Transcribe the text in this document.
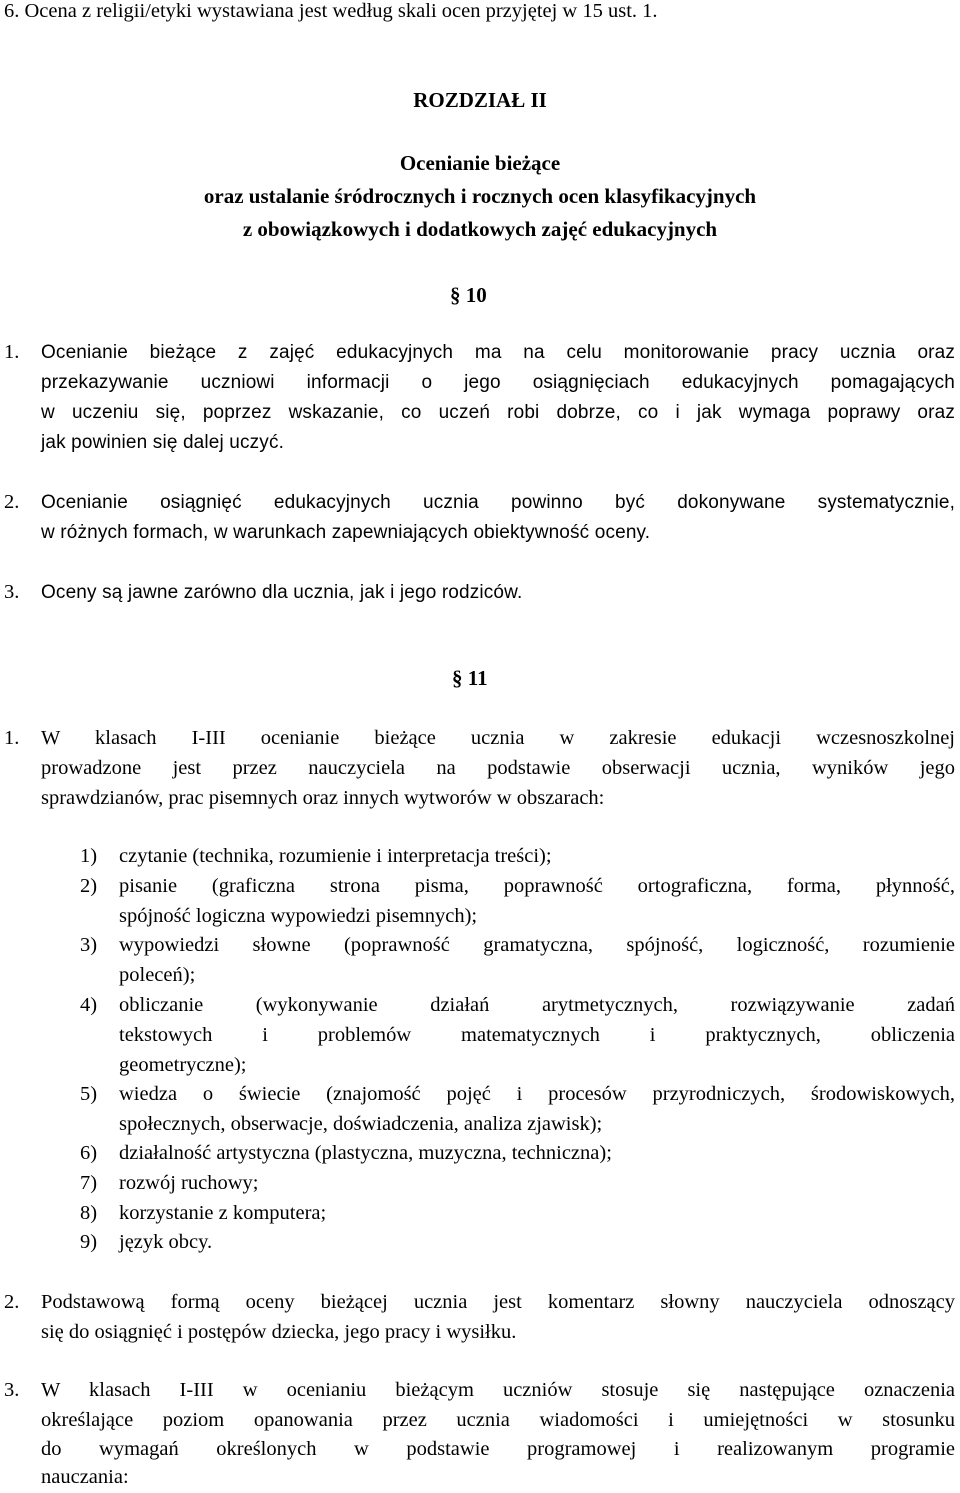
6. Ocena z religii/etyki wystawiana jest według skali ocen przyjętej w 15 ust. 1.
ROZDZIAŁ II
Ocenianie bieżące
oraz ustalanie śródrocznych i rocznych ocen klasyfikacyjnych
z obowiązkowych i dodatkowych zajęć edukacyjnych
§ 10
1. Ocenianie bieżące z zajęć edukacyjnych ma na celu monitorowanie pracy ucznia oraz
przekazywanie uczniowi informacji o jego osiągnięciach edukacyjnych pomagających
w uczeniu się, poprzez wskazanie, co uczeń robi dobrze, co i jak wymaga poprawy oraz
jak powinien się dalej uczyć.
2. Ocenianie osiągnięć edukacyjnych ucznia powinno być dokonywane systematycznie,
w różnych formach, w warunkach zapewniających obiektywność oceny.
3. Oceny są jawne zarówno dla ucznia, jak i jego rodziców.
§ 11
1. W klasach I-III ocenianie bieżące ucznia w zakresie edukacji wczesnoszkolnej
prowadzone jest przez nauczyciela na podstawie obserwacji ucznia, wyników jego
sprawdzianów, prac pisemnych oraz innych wytworów w obszarach:
1) czytanie (technika, rozumienie i interpretacja treści);
2) pisanie (graficzna strona pisma, poprawność ortograficzna, forma, płynność,
spójność logiczna wypowiedzi pisemnych);
3) wypowiedzi słowne (poprawność gramatyczna, spójność, logiczność, rozumienie
poleceń);
4) obliczanie (wykonywanie działań arytmetycznych, rozwiązywanie zadań
tekstowych i problemów matematycznych i praktycznych, obliczenia
geometryczne);
5) wiedza o świecie (znajomość pojęć i procesów przyrodniczych, środowiskowych,
społecznych, obserwacje, doświadczenia, analiza zjawisk);
6) działalność artystyczna (plastyczna, muzyczna, techniczna);
7) rozwój ruchowy;
8) korzystanie z komputera;
9) język obcy.
2. Podstawową formą oceny bieżącej ucznia jest komentarz słowny nauczyciela odnoszący
się do osiągnięć i postępów dziecka, jego pracy i wysiłku.
3. W klasach I-III w ocenianiu bieżącym uczniów stosuje się następujące oznaczenia
określające poziom opanowania przez ucznia wiadomości i umiejętności w stosunku
do wymagań określonych w podstawie programowej i realizowanym programie
nauczania:
